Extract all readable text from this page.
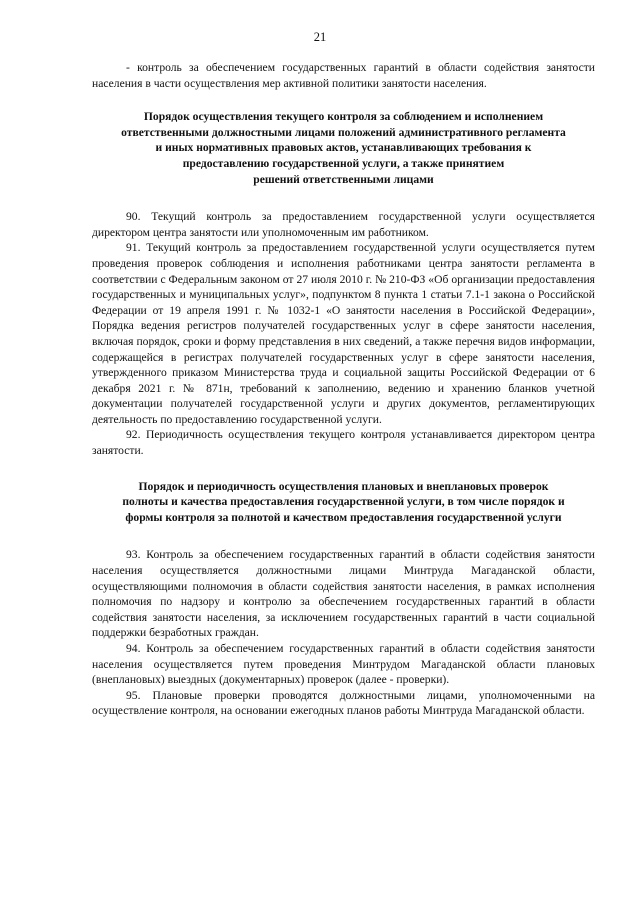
21

- контроль за обеспечением государственных гарантий в области содействия занятости населения в части осуществления мер активной политики занятости населения.

Порядок осуществления текущего контроля за соблюдением и исполнением
ответственными должностными лицами положений административного регламента
и иных нормативных правовых актов, устанавливающих требования к
предоставлению государственной услуги, а также принятием
решений ответственными лицами

90. Текущий контроль за предоставлением государственной услуги осуществляется директором центра занятости или уполномоченным им работником.

91. Текущий контроль за предоставлением государственной услуги осуществляется путем проведения проверок соблюдения и исполнения работниками центра занятости регламента в соответствии с Федеральным законом от 27 июля 2010 г. № 210-ФЗ «Об организации предоставления государственных и муниципальных услуг», подпунктом 8 пункта 1 статьи 7.1-1 закона о Российской Федерации от 19 апреля 1991 г. № 1032-1 «О занятости населения в Российской Федерации», Порядка ведения регистров получателей государственных услуг в сфере занятости населения, включая порядок, сроки и форму представления в них сведений, а также перечня видов информации, содержащейся в регистрах получателей государственных услуг в сфере занятости населения, утвержденного приказом Министерства труда и социальной защиты Российской Федерации от 6 декабря 2021 г. № 871н, требований к заполнению, ведению и хранению бланков учетной документации получателей государственной услуги и других документов, регламентирующих деятельность по предоставлению государственной услуги.

92. Периодичность осуществления текущего контроля устанавливается директором центра занятости.

Порядок и периодичность осуществления плановых и внеплановых проверок
полноты и качества предоставления государственной услуги, в том числе порядок и
формы контроля за полнотой и качеством предоставления государственной услуги

93. Контроль за обеспечением государственных гарантий в области содействия занятости населения осуществляется должностными лицами Минтруда Магаданской области, осуществляющими полномочия в области содействия занятости населения, в рамках исполнения полномочия по надзору и контролю за обеспечением государственных гарантий в области содействия занятости населения, за исключением государственных гарантий в части социальной поддержки безработных граждан.

94. Контроль за обеспечением государственных гарантий в области содействия занятости населения осуществляется путем проведения Минтрудом Магаданской области плановых (внеплановых) выездных (документарных) проверок (далее - проверки).

95. Плановые проверки проводятся должностными лицами, уполномоченными на осуществление контроля, на основании ежегодных планов работы Минтруда Магаданской области.
